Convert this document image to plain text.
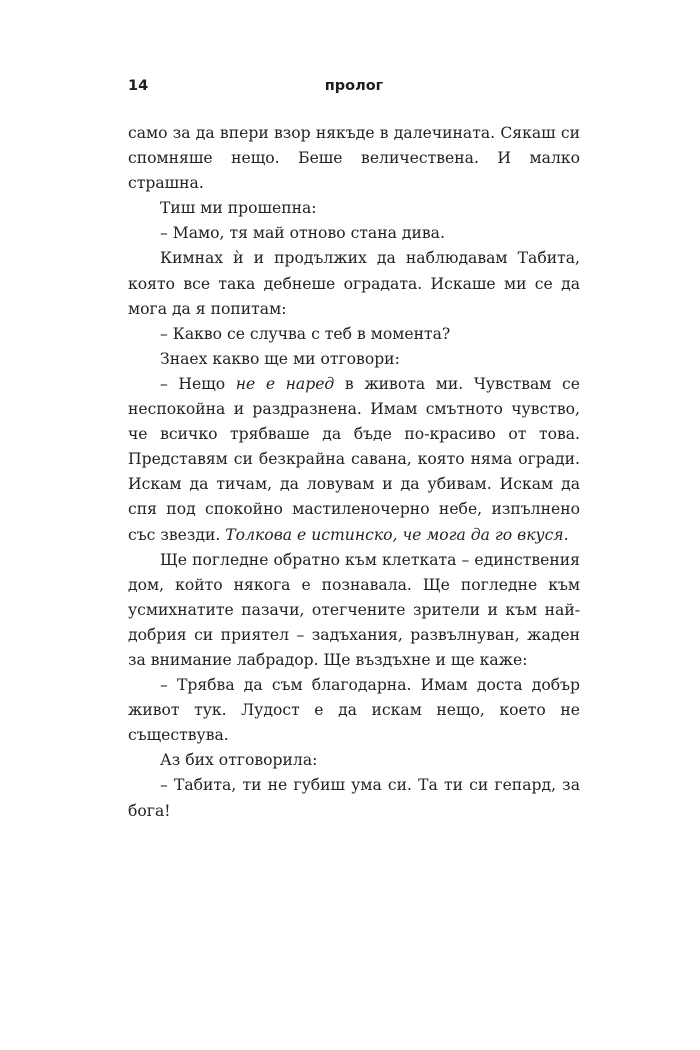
14	пролог

само за да впери взор някъде в далечината. Сякаш си спомняше нещо. Беше величествена. И малко страшна.

Тиш ми прошепна:

– Мамо, тя май отново стана дива.

Кимнах ѝ и продължих да наблюдавам Табита, която все така дебнеше оградата. Искаше ми се да мога да я попитам:

– Какво се случва с теб в момента?

Знаех какво ще ми отговори:

– Нещо не е наред в живота ми. Чувствам се неспокойна и раздразнена. Имам смътното чувство, че всичко трябваше да бъде по-красиво от това. Представям си безкрайна савана, която няма огради. Искам да тичам, да ловувам и да убивам. Искам да спя под спокойно мастиленочерно небе, изпълнено със звезди. Толкова е истинско, че мога да го вкуся.

Ще погледне обратно към клетката – единствения дом, който някога е познавала. Ще погледне към усмихнатите пазачи, отегчените зрители и към най-добрия си приятел – задъхания, развълнуван, жаден за внимание лабрадор. Ще въздъхне и ще каже:

– Трябва да съм благодарна. Имам доста добър живот тук. Лудост е да искам нещо, което не съществува.

Аз бих отговорила:

– Табита, ти не губиш ума си. Та ти си гепард, за бога!
